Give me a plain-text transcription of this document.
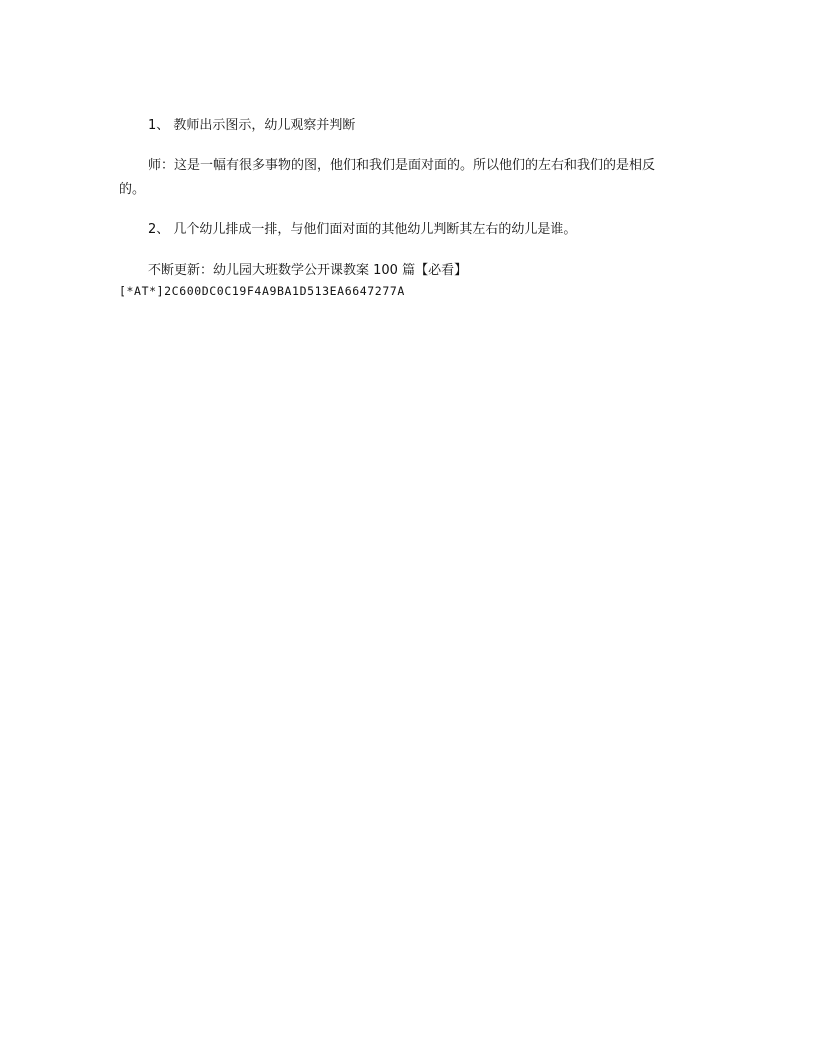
1、 教师出示图示，幼儿观察并判断
师：这是一幅有很多事物的图，他们和我们是面对面的。所以他们的左右和我们的是相反
的。
2、 几个幼儿排成一排，与他们面对面的其他幼儿判断其左右的幼儿是谁。
不断更新：幼儿园大班数学公开课教案 100 篇【必看】
[*AT*]2C600DC0C19F4A9BA1D513EA6647277A
